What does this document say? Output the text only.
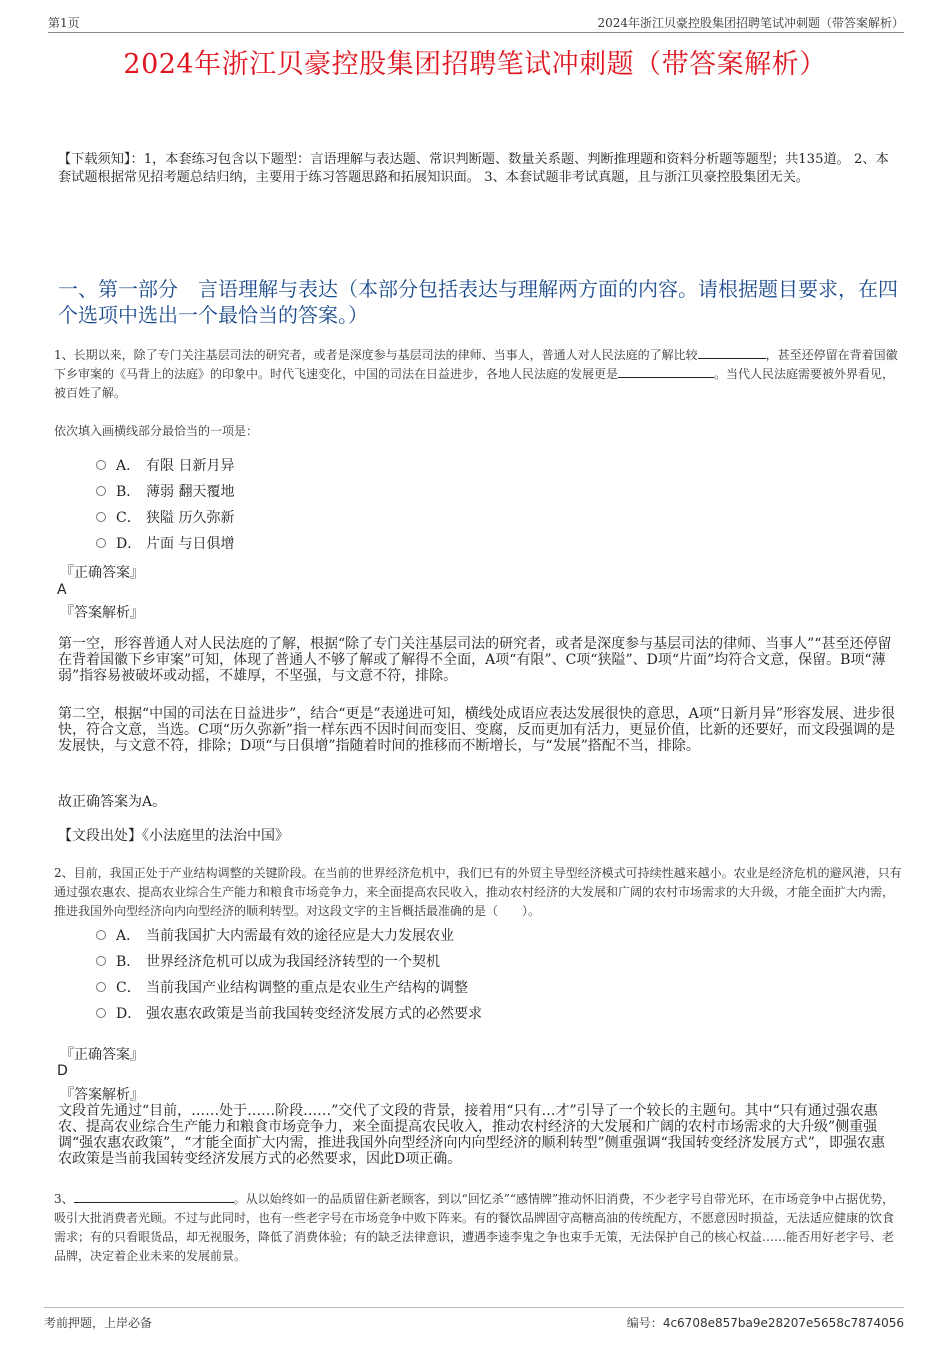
第1页	2024年浙江贝豪控股集团招聘笔试冲刺题（带答案解析）
2024年浙江贝豪控股集团招聘笔试冲刺题（带答案解析）
【下载须知】：1，本套练习包含以下题型：言语理解与表达题、常识判断题、数量关系题、判断推理题和资料分析题等题型；共135道。 2、本套试题根据常见招考题总结归纳，主要用于练习答题思路和拓展知识面。 3、本套试题非考试真题，且与浙江贝豪控股集团无关。
一、第一部分　言语理解与表达（本部分包括表达与理解两方面的内容。请根据题目要求，在四个选项中选出一个最恰当的答案。）
1、长期以来，除了专门关注基层司法的研究者，或者是深度参与基层司法的律师、当事人，普通人对人民法庭的了解比较	，甚至还停留在背着国徽下乡审案的《马背上的法庭》的印象中。时代飞速变化，中国的司法在日益进步，各地人民法庭的发展更是	。当代人民法庭需要被外界看见，被百姓了解。
依次填入画横线部分最恰当的一项是：
A． 有限 日新月异
B． 薄弱 翻天覆地
C． 狭隘 历久弥新
D． 片面 与日俱增
『正确答案』
A
『答案解析』
第一空，形容普通人对人民法庭的了解，根据“除了专门关注基层司法的研究者，或者是深度参与基层司法的律师、当事人”“甚至还停留在背着国徽下乡审案”可知，体现了普通人不够了解或了解得不全面，A项“有限”、C项“狭隘”、D项“片面”均符合文意，保留。B项“薄弱”指容易被破坏或动摇，不雄厚，不坚强，与文意不符，排除。
第二空，根据“中国的司法在日益进步”，结合“更是”表递进可知，横线处成语应表达发展很快的意思，A项“日新月异”形容发展、进步很快，符合文意，当选。C项“历久弥新”指一样东西不因时间而变旧、变腐，反而更加有活力，更显价值，比新的还要好，而文段强调的是发展快，与文意不符，排除；D项“与日俱增”指随着时间的推移而不断增长，与“发展”搭配不当，排除。
故正确答案为A。
【文段出处】《小法庭里的法治中国》
2、目前，我国正处于产业结构调整的关键阶段。在当前的世界经济危机中，我们已有的外贸主导型经济模式可持续性越来越小。农业是经济危机的避风港，只有通过强农惠农、提高农业综合生产能力和粮食市场竞争力，来全面提高农民收入，推动农村经济的大发展和广阔的农村市场需求的大升级，才能全面扩大内需，推进我国外向型经济向内向型经济的顺利转型。对这段文字的主旨概括最准确的是（　　）。
A． 当前我国扩大内需最有效的途径应是大力发展农业
B． 世界经济危机可以成为我国经济转型的一个契机
C． 当前我国产业结构调整的重点是农业生产结构的调整
D． 强农惠农政策是当前我国转变经济发展方式的必然要求
『正确答案』
D
『答案解析』
文段首先通过“目前，……处于……阶段……”交代了文段的背景，接着用“只有…才”引导了一个较长的主题句。其中“只有通过强农惠农、提高农业综合生产能力和粮食市场竞争力，来全面提高农民收入，推动农村经济的大发展和广阔的农村市场需求的大升级”侧重强调“强农惠农政策”，“才能全面扩大内需，推进我国外向型经济向内向型经济的顺利转型”侧重强调“我国转变经济发展方式”，即强农惠农政策是当前我国转变经济发展方式的必然要求，因此D项正确。
3、	。从以始终如一的品质留住新老顾客，到以“回忆杀”“感情牌”推动怀旧消费，不少老字号自带光环，在市场竞争中占据优势，吸引大批消费者光顾。不过与此同时，也有一些老字号在市场竞争中败下阵来。有的餐饮品牌固守高糖高油的传统配方，不愿意因时损益，无法适应健康的饮食需求；有的只看眼货品，却无视服务，降低了消费体验；有的缺乏法律意识，遭遇李逵李鬼之争也束手无策，无法保护自己的核心权益……能否用好老字号、老品牌，决定着企业未来的发展前景。
考前押题，上岸必备	编号：4c6708e857ba9e28207e5658c7874056
